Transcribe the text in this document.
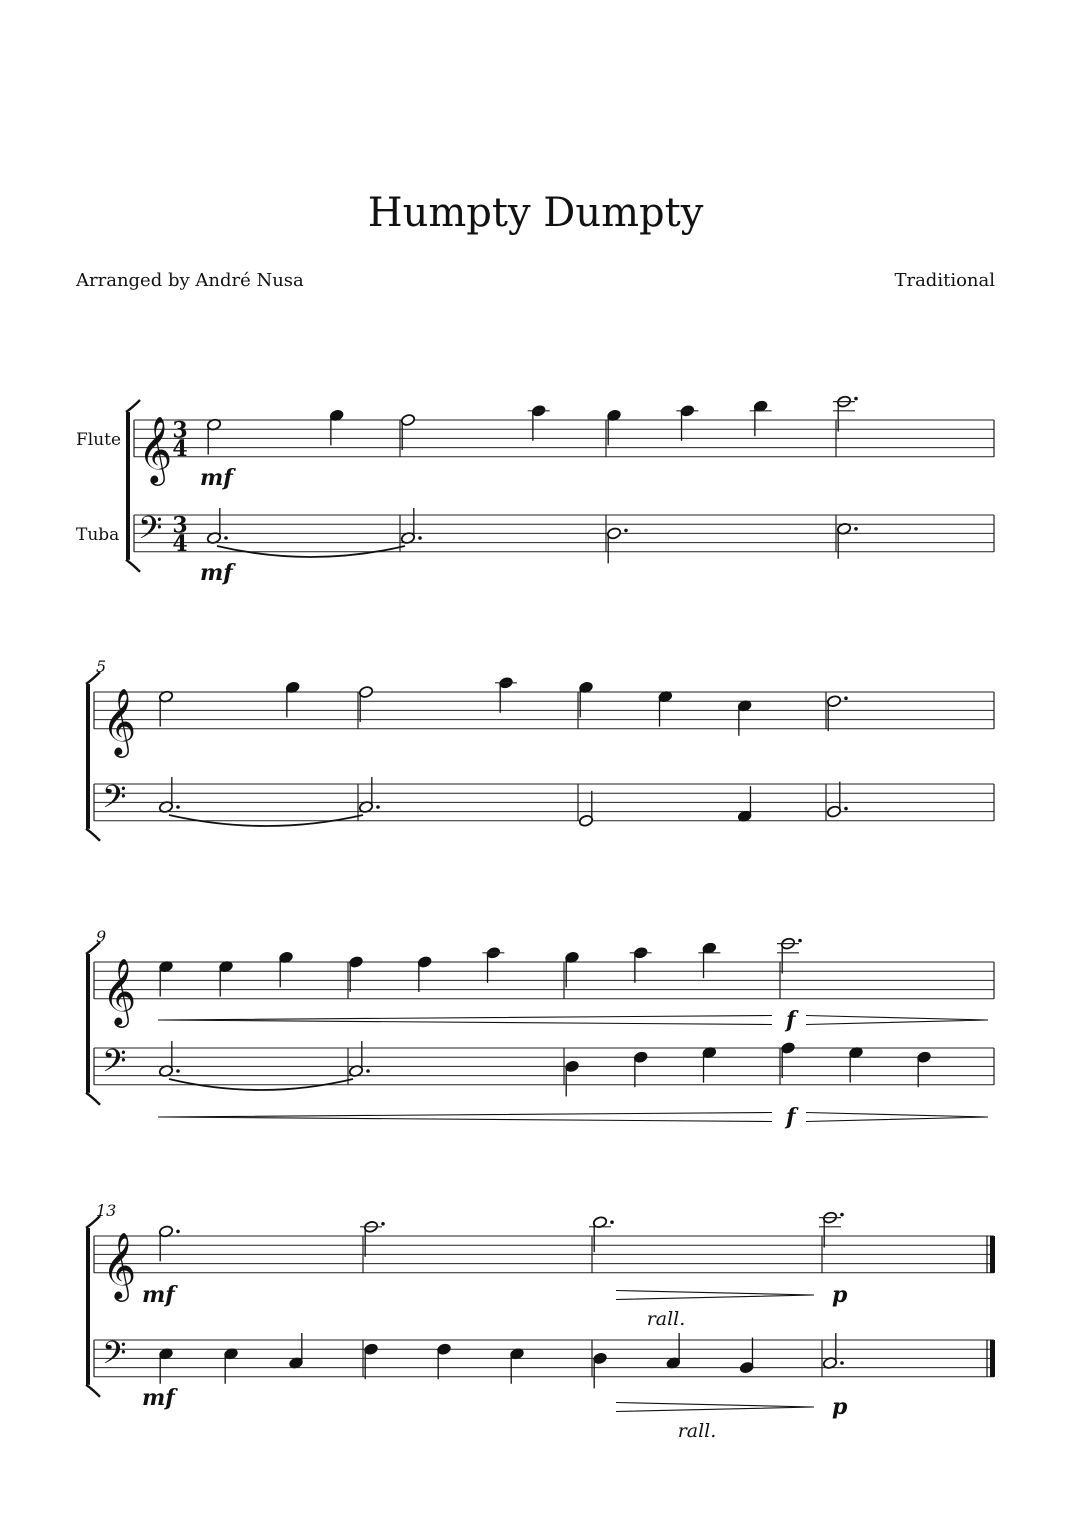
Humpty Dumpty
Arranged by André Nusa	Traditional
𝄞
𝄢
3
4
3
4
Flute
Tuba
𝄞
𝄢
5
𝄞
𝄢
9
𝄞
𝄢
13
mf
mf
f
f
mf
mf
p
rall.
p
rall.
